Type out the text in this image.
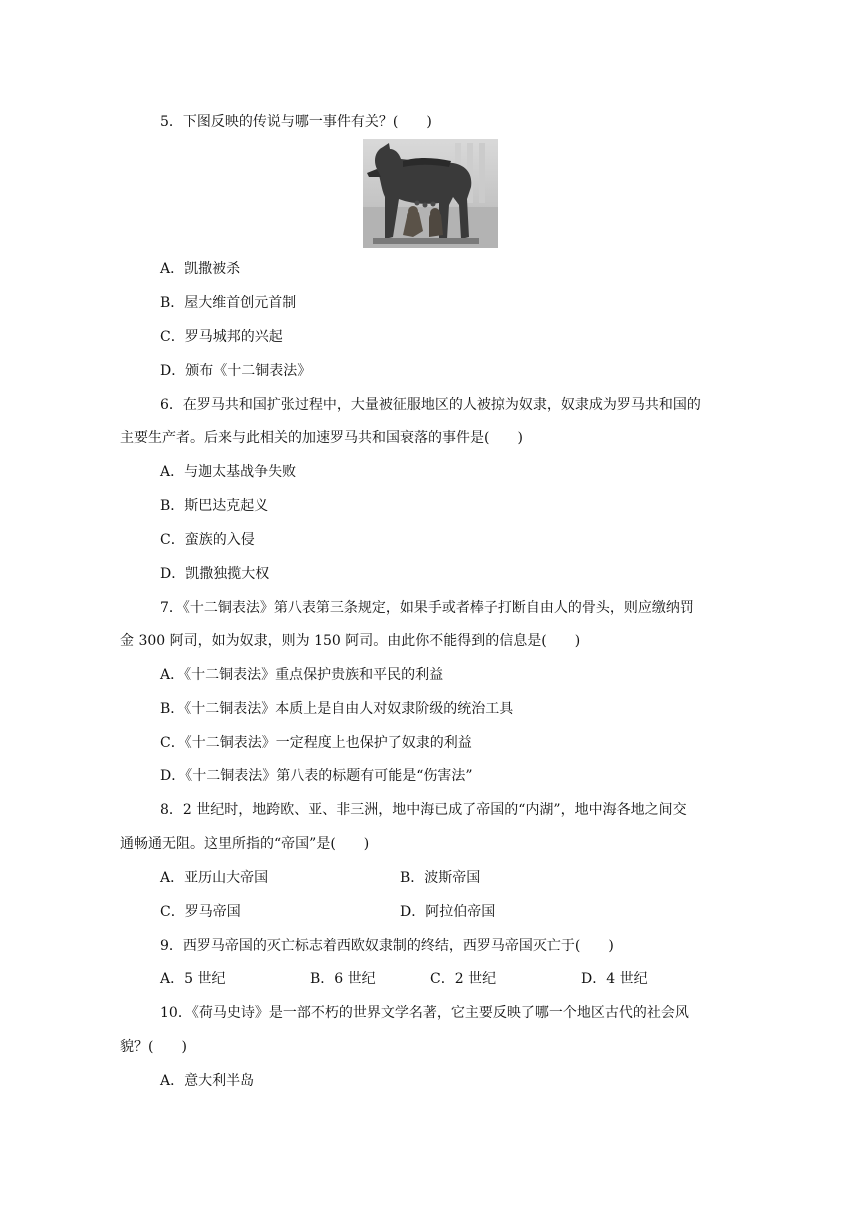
5．下图反映的传说与哪一事件有关？(　　)
A．凯撒被杀
B．屋大维首创元首制
C．罗马城邦的兴起
D．颁布《十二铜表法》
6．在罗马共和国扩张过程中，大量被征服地区的人被掠为奴隶，奴隶成为罗马共和国的
主要生产者。后来与此相关的加速罗马共和国衰落的事件是(　　)
A．与迦太基战争失败
B．斯巴达克起义
C．蛮族的入侵
D．凯撒独揽大权
7．《十二铜表法》第八表第三条规定，如果手或者棒子打断自由人的骨头，则应缴纳罚
金 300 阿司，如为奴隶，则为 150 阿司。由此你不能得到的信息是(　　)
A．《十二铜表法》重点保护贵族和平民的利益
B．《十二铜表法》本质上是自由人对奴隶阶级的统治工具
C．《十二铜表法》一定程度上也保护了奴隶的利益
D．《十二铜表法》第八表的标题有可能是“伤害法”
8．2 世纪时，地跨欧、亚、非三洲，地中海已成了帝国的“内湖”，地中海各地之间交
通畅通无阻。这里所指的“帝国”是(　　)
A．亚历山大帝国	B．波斯帝国
C．罗马帝国	D．阿拉伯帝国
9．西罗马帝国的灭亡标志着西欧奴隶制的终结，西罗马帝国灭亡于(　　)
A．5 世纪	B．6 世纪	C．2 世纪	D．4 世纪
10．《荷马史诗》是一部不朽的世界文学名著，它主要反映了哪一个地区古代的社会风
貌？(　　)
A．意大利半岛
